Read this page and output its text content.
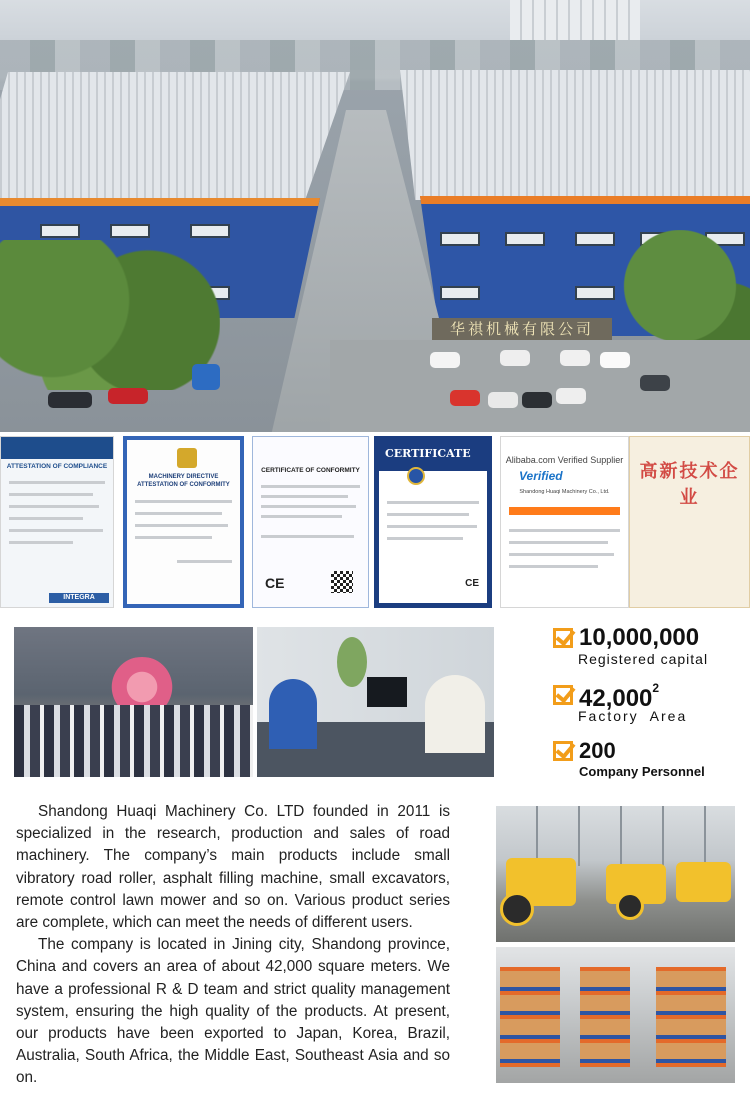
华祺机械有限公司
ATTESTATION OF COMPLIANCE
INTEGRA
MACHINERY DIRECTIVE
ATTESTATION OF CONFORMITY
CERTIFICATE OF CONFORMITY
CE
CERTIFICATE
CE
Alibaba.com Verified Supplier
Verified
Shandong Huaqi Machinery Co., Ltd.
高新技术企业
10,000,000
Registered capital
42,000$^2$
Factory  Area
200
Company Personnel

Shandong Huaqi Machinery Co. LTD founded in 2011 is specialized in the research, production and sales of road machinery. The company’s main products include small vibratory road roller, asphalt filling machine, small excavators, remote control lawn mower and so on. Various product series are complete, which can meet the needs of different users.

The company is located in Jining city, Shandong province, China and covers an area of about 42,000 square meters. We have a professional R & D team and strict quality management system, ensuring the high quality of the products. At present, our products have been exported to Japan, Korea, Brazil, Australia, South Africa, the Middle East, Southeast Asia and so on.
